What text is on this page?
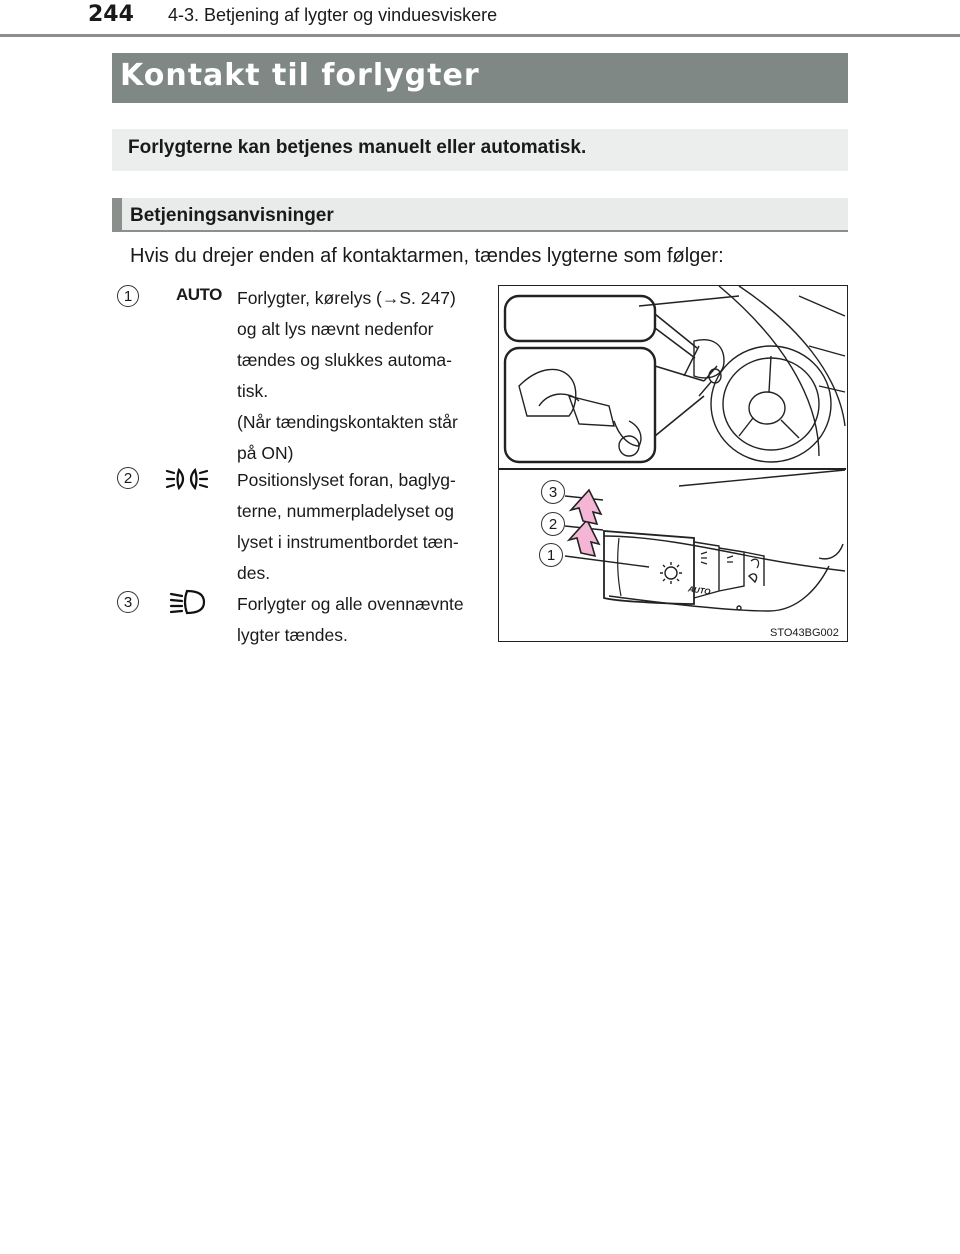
244 4-3. Betjening af lygter og vinduesviskere
Kontakt til forlygter
Forlygterne kan betjenes manuelt eller automatisk.
Betjeningsanvisninger
Hvis du drejer enden af kontaktarmen, tændes lygterne som følger:
1	AUTO Forlygter, kørelys (→S. 247)
og alt lys nævnt nedenfor
tændes og slukkes automa-
tisk.
(Når tændingskontakten står
på ON)
2	Positionslyset foran, baglyg-
terne, nummerpladelyset og
lyset i instrumentbordet tæn-
des.
3	Forlygter og alle ovennævnte
lygter tændes.
3
2
1
AUTO
STO43BG002
